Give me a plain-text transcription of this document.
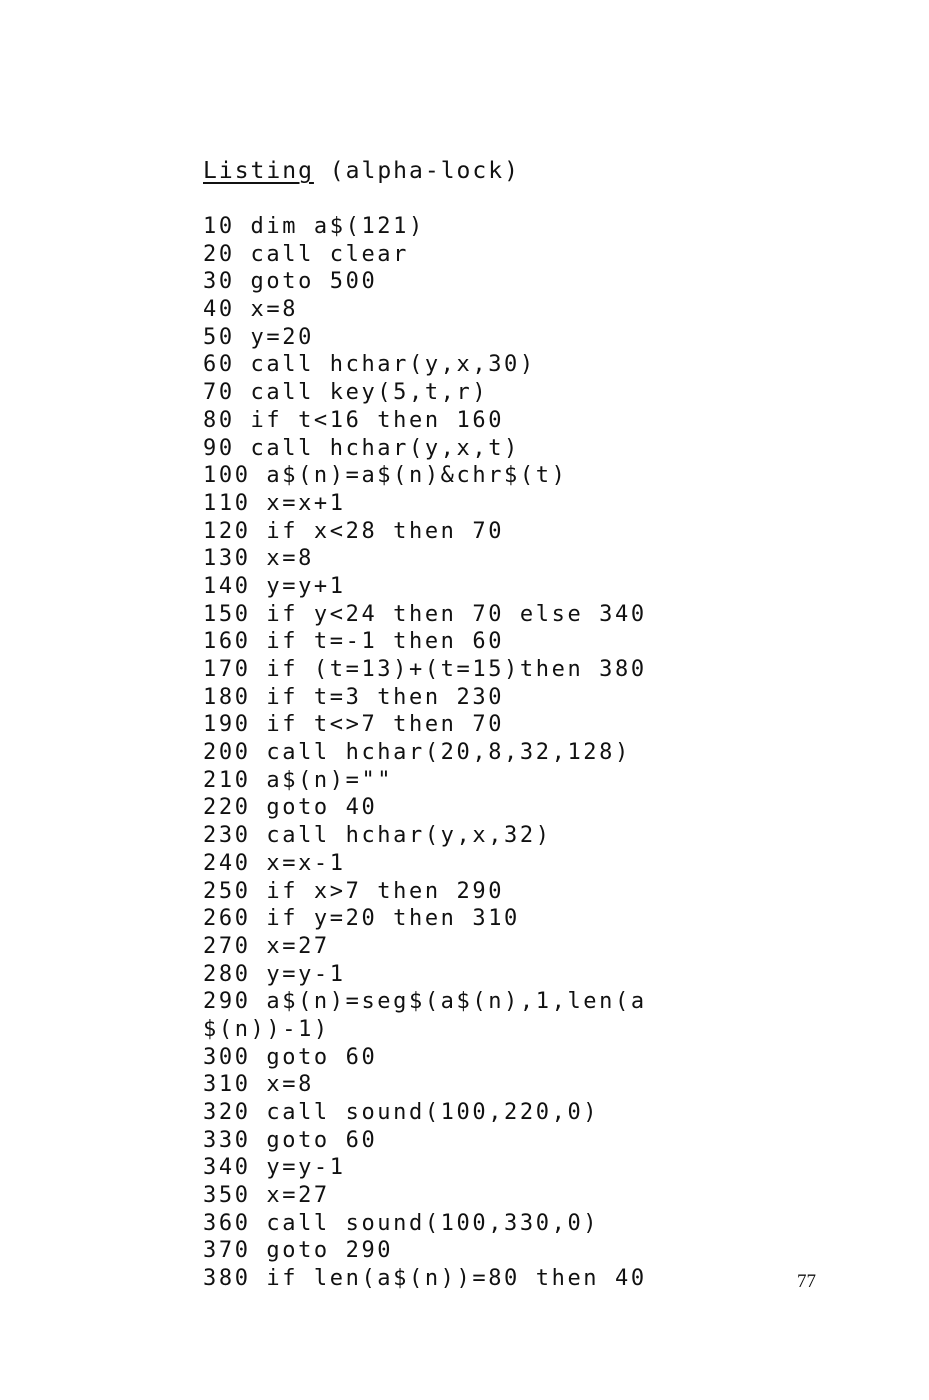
Listing (alpha-lock)
10 dim a$(121)
20 call clear
30 goto 500
40 x=8
50 y=20
60 call hchar(y,x,30)
70 call key(5,t,r)
80 if t<16 then 160
90 call hchar(y,x,t)
100 a$(n)=a$(n)&chr$(t)
110 x=x+1
120 if x<28 then 70
130 x=8
140 y=y+1
150 if y<24 then 70 else 340
160 if t=-1 then 60
170 if (t=13)+(t=15)then 380
180 if t=3 then 230
190 if t<>7 then 70
200 call hchar(20,8,32,128)
210 a$(n)=""
220 goto 40
230 call hchar(y,x,32)
240 x=x-1
250 if x>7 then 290
260 if y=20 then 310
270 x=27
280 y=y-1
290 a$(n)=seg$(a$(n),1,len(a
$(n))-1)
300 goto 60
310 x=8
320 call sound(100,220,0)
330 goto 60
340 y=y-1
350 x=27
360 call sound(100,330,0)
370 goto 290
380 if len(a$(n))=80 then 40	77
